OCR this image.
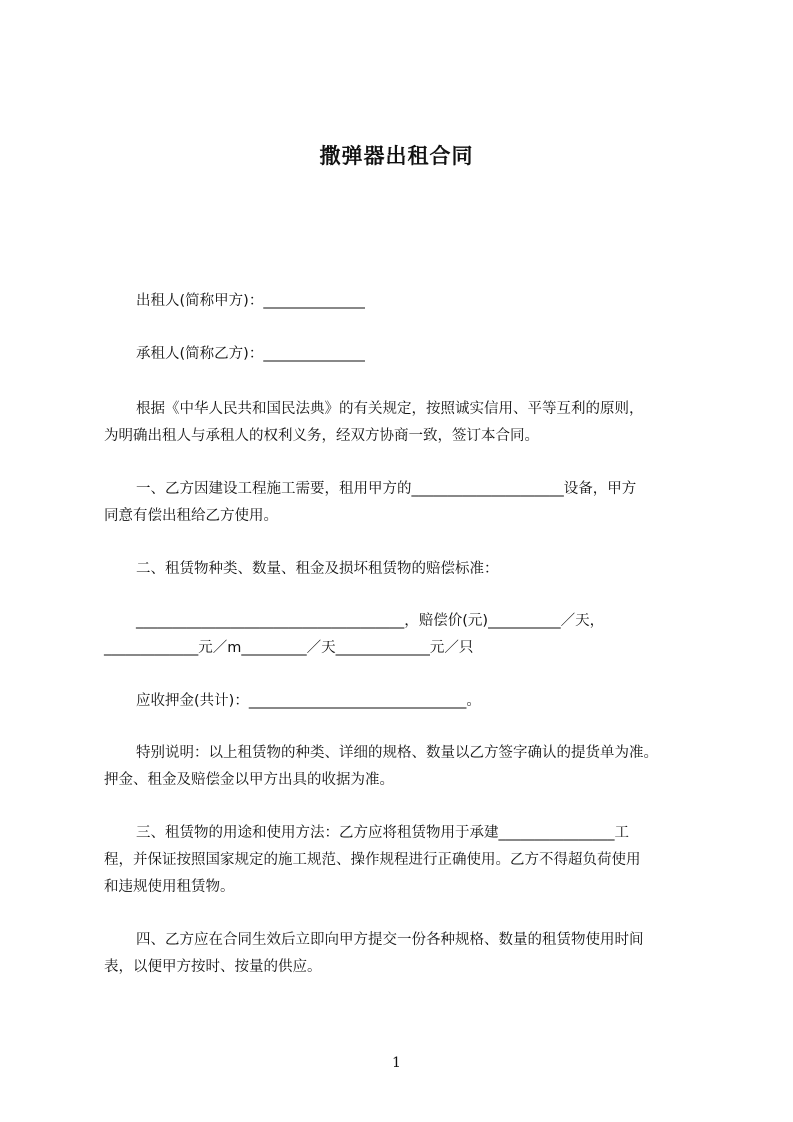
撒弹器出租合同
出租人(简称甲方)：______________
承租人(简称乙方)：______________
根据《中华人民共和国民法典》的有关规定，按照诚实信用、平等互利的原则，
为明确出租人与承租人的权利义务，经双方协商一致，签订本合同。
一、乙方因建设工程施工需要，租用甲方的_____________________设备，甲方
同意有偿出租给乙方使用。
二、租赁物种类、数量、租金及损坏租赁物的赔偿标准：
_____________________________________，赔偿价(元)__________／天，
_____________元／m_________／天_____________元／只
应收押金(共计)：______________________________。
特别说明：以上租赁物的种类、详细的规格、数量以乙方签字确认的提货单为准。
押金、租金及赔偿金以甲方出具的收据为准。
三、租赁物的用途和使用方法：乙方应将租赁物用于承建________________工
程，并保证按照国家规定的施工规范、操作规程进行正确使用。乙方不得超负荷使用
和违规使用租赁物。
四、乙方应在合同生效后立即向甲方提交一份各种规格、数量的租赁物使用时间
表，以便甲方按时、按量的供应。
1
